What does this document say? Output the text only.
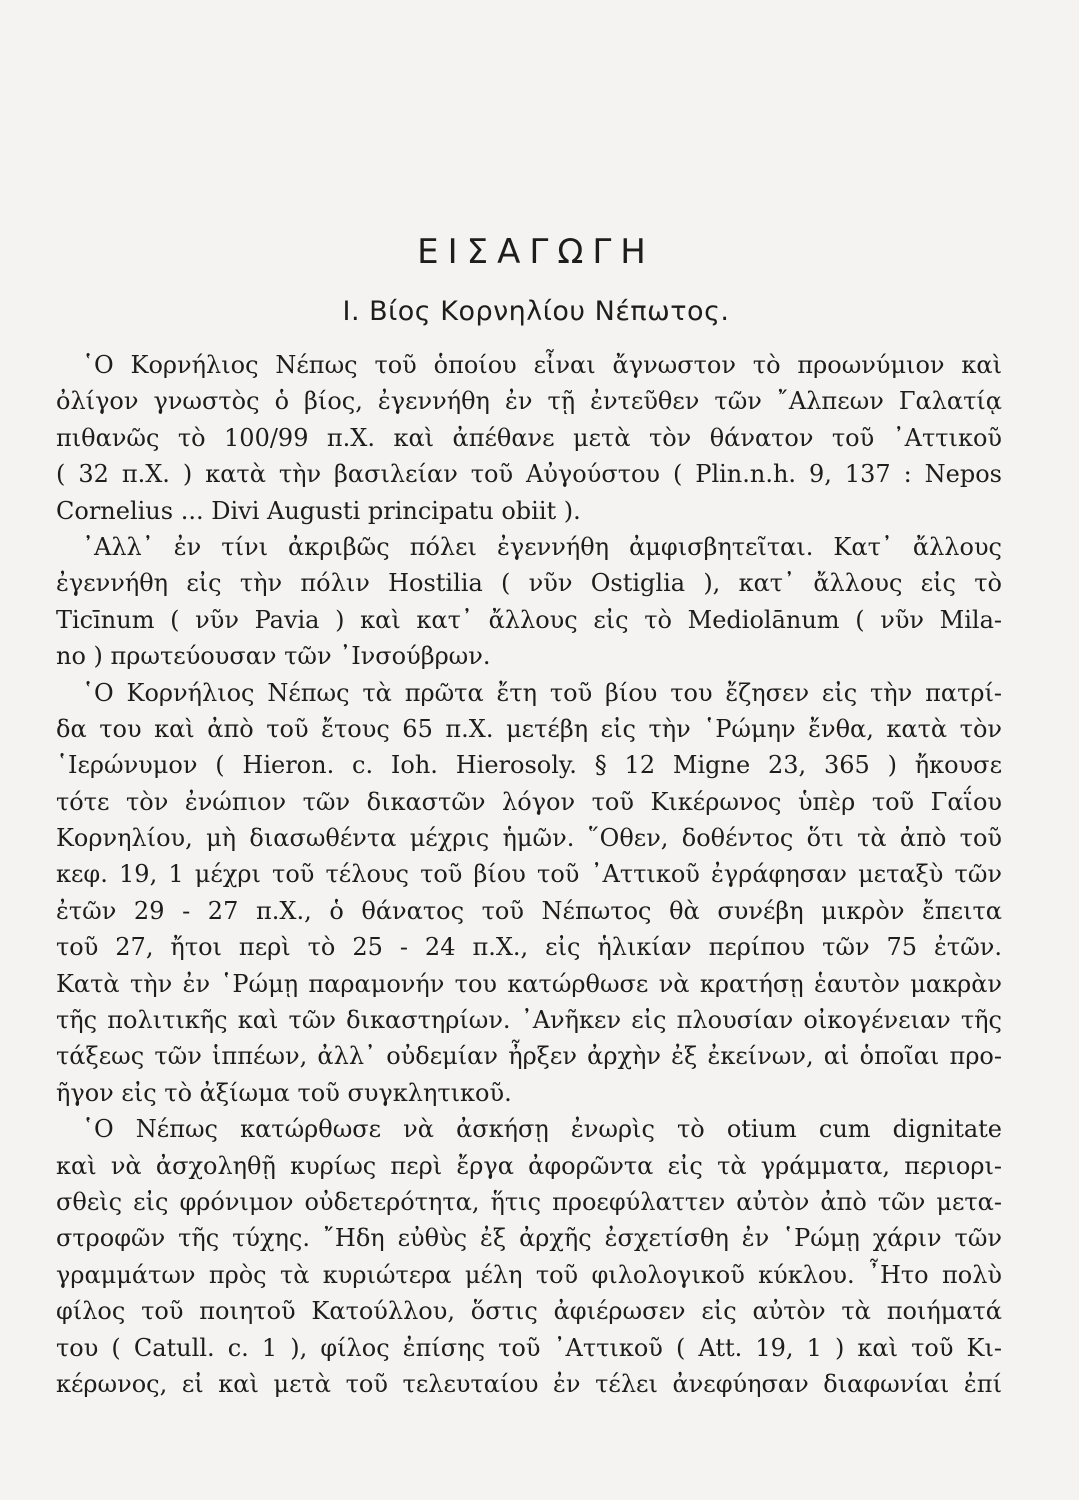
ΕΙΣΑΓΩΓΗ
Ι. Βίος Κορνηλίου Νέπωτος.
῾Ο Κορνήλιος Νέπως τοῦ ὁποίου εἶναι ἄγνωστον τὸ προωνύμιον καὶ
ὀλίγον γνωστὸς ὁ βίος, ἐγεννήθη ἐν τῇ ἐντεῦθεν τῶν ῎Αλπεων Γαλατίᾳ
πιθανῶς τὸ 100/99 π.Χ. καὶ ἀπέθανε μετὰ τὸν θάνατον τοῦ ᾿Αττικοῦ
( 32 π.Χ. ) κατὰ τὴν βασιλείαν τοῦ Αὐγούστου ( Plin.n.h. 9, 137 : Nepos
Cornelius ... Divi Augusti principatu obiit ).
᾿Αλλ᾿ ἐν τίνι ἀκριβῶς πόλει ἐγεννήθη ἀμφισβητεῖται. Κατ᾿ ἄλλους
ἐγεννήθη εἰς τὴν πόλιν Hostilia ( νῦν Ostiglia ), κατ᾿ ἄλλους εἰς τὸ
Ticīnum ( νῦν Pavia ) καὶ κατ᾿ ἄλλους εἰς τὸ Mediolānum ( νῦν Mila-
no ) πρωτεύουσαν τῶν ᾿Ινσούβρων.
῾Ο Κορνήλιος Νέπως τὰ πρῶτα ἔτη τοῦ βίου του ἔζησεν εἰς τὴν πατρί-
δα του καὶ ἀπὸ τοῦ ἔτους 65 π.Χ. μετέβη εἰς τὴν ῾Ρώμην ἔνθα, κατὰ τὸν
῾Ιερώνυμον ( Hieron. c. Ioh. Hierosoly. § 12 Migne 23, 365 ) ἤκουσε
τότε τὸν ἐνώπιον τῶν δικαστῶν λόγον τοῦ Κικέρωνος ὑπὲρ τοῦ Γαΐου
Κορνηλίου, μὴ διασωθέντα μέχρις ἡμῶν. ῞Οθεν, δοθέντος ὅτι τὰ ἀπὸ τοῦ
κεφ. 19, 1 μέχρι τοῦ τέλους τοῦ βίου τοῦ ᾿Αττικοῦ ἐγράφησαν μεταξὺ τῶν
ἐτῶν 29 - 27 π.Χ., ὁ θάνατος τοῦ Νέπωτος θὰ συνέβη μικρὸν ἔπειτα
τοῦ 27, ἤτοι περὶ τὸ 25 - 24 π.Χ., εἰς ἡλικίαν περίπου τῶν 75 ἐτῶν.
Κατὰ τὴν ἐν ῾Ρώμῃ παραμονήν του κατώρθωσε νὰ κρατήσῃ ἑαυτὸν μακρὰν
τῆς πολιτικῆς καὶ τῶν δικαστηρίων. ᾿Ανῆκεν εἰς πλουσίαν οἰκογένειαν τῆς
τάξεως τῶν ἱππέων, ἀλλ᾿ οὐδεμίαν ἦρξεν ἀρχὴν ἐξ ἐκείνων, αἱ ὁποῖαι προ-
ῆγον εἰς τὸ ἀξίωμα τοῦ συγκλητικοῦ.
῾Ο Νέπως κατώρθωσε νὰ ἀσκήσῃ ἐνωρὶς τὸ otium cum dignitate
καὶ νὰ ἀσχοληθῇ κυρίως περὶ ἔργα ἀφορῶντα εἰς τὰ γράμματα, περιορι-
σθεὶς εἰς φρόνιμον οὐδετερότητα, ἥτις προεφύλαττεν αὐτὸν ἀπὸ τῶν μετα-
στροφῶν τῆς τύχης. ῎Ηδη εὐθὺς ἐξ ἀρχῆς ἐσχετίσθη ἐν ῾Ρώμῃ χάριν τῶν
γραμμάτων πρὸς τὰ κυριώτερα μέλη τοῦ φιλολογικοῦ κύκλου. ῏Ητο πολὺ
φίλος τοῦ ποιητοῦ Κατούλλου, ὅστις ἀφιέρωσεν εἰς αὐτὸν τὰ ποιήματά
του ( Catull. c. 1 ), φίλος ἐπίσης τοῦ ᾿Αττικοῦ ( Att. 19, 1 ) καὶ τοῦ Κι-
κέρωνος, εἰ καὶ μετὰ τοῦ τελευταίου ἐν τέλει ἀνεφύησαν διαφωνίαι ἐπί
